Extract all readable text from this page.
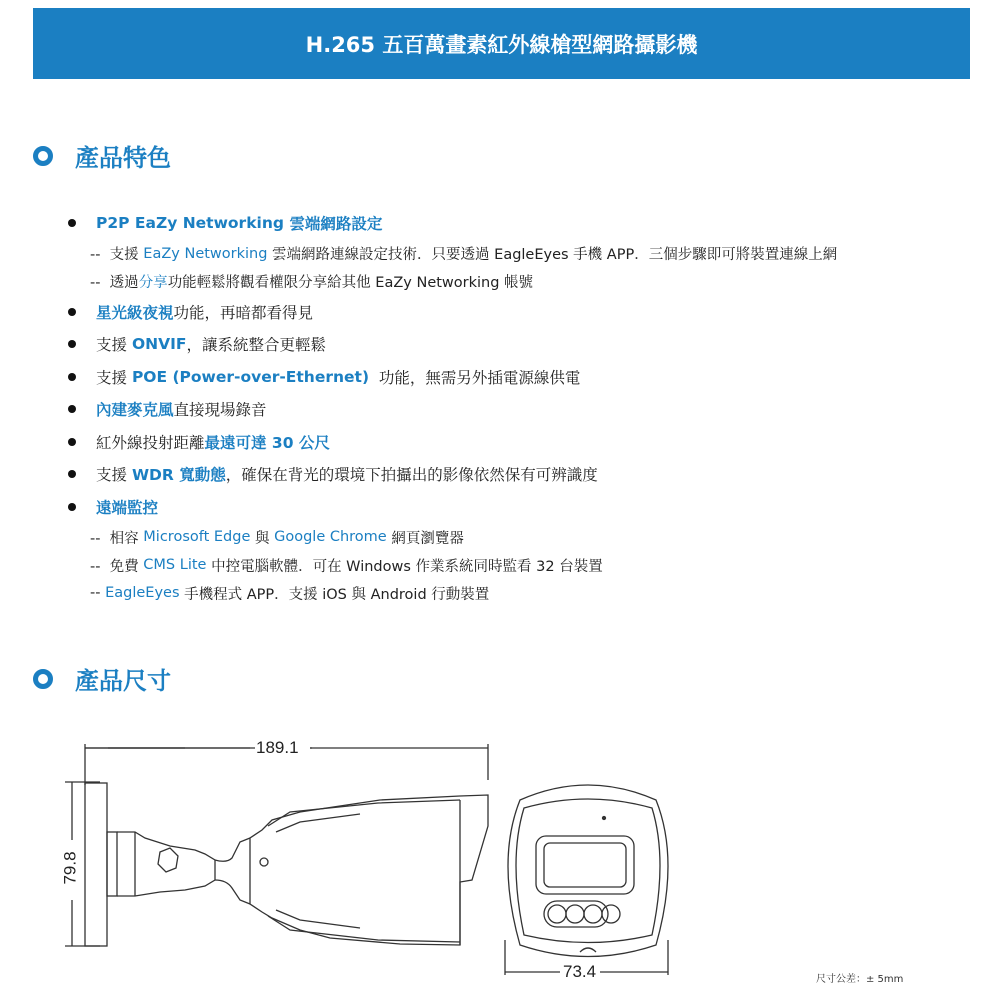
H.265 五百萬畫素紅外線槍型網路攝影機
產品特色
P2P EaZy Networking 雲端網路設定
--  支援 EaZy Networking 雲端網路連線設定技術．只要透過 EagleEyes 手機 APP．三個步驟即可將裝置連線上網
--  透過 分享 功能輕鬆將觀看權限分享給其他 EaZy Networking 帳號
星光級夜視 功能，再暗都看得見
支援 ONVIF ，讓系統整合更輕鬆
支援 POE (Power-over-Ethernet) 功能，無需另外插電源線供電
內建麥克風 直接現場錄音
紅外線投射距離 最遠可達 30 公尺
支援 WDR 寬動態 ，確保在背光的環境下拍攝出的影像依然保有可辨識度
遠端監控
--  相容 Microsoft Edge 與 Google Chrome 網頁瀏覽器
--  免費 CMS Lite 中控電腦軟體．可在 Windows 作業系統同時監看 32 台裝置
-- EagleEyes 手機程式 APP．支援 iOS 與 Android 行動裝置
產品尺寸
189.1
79.8
73.4	尺寸公差：± 5mm
